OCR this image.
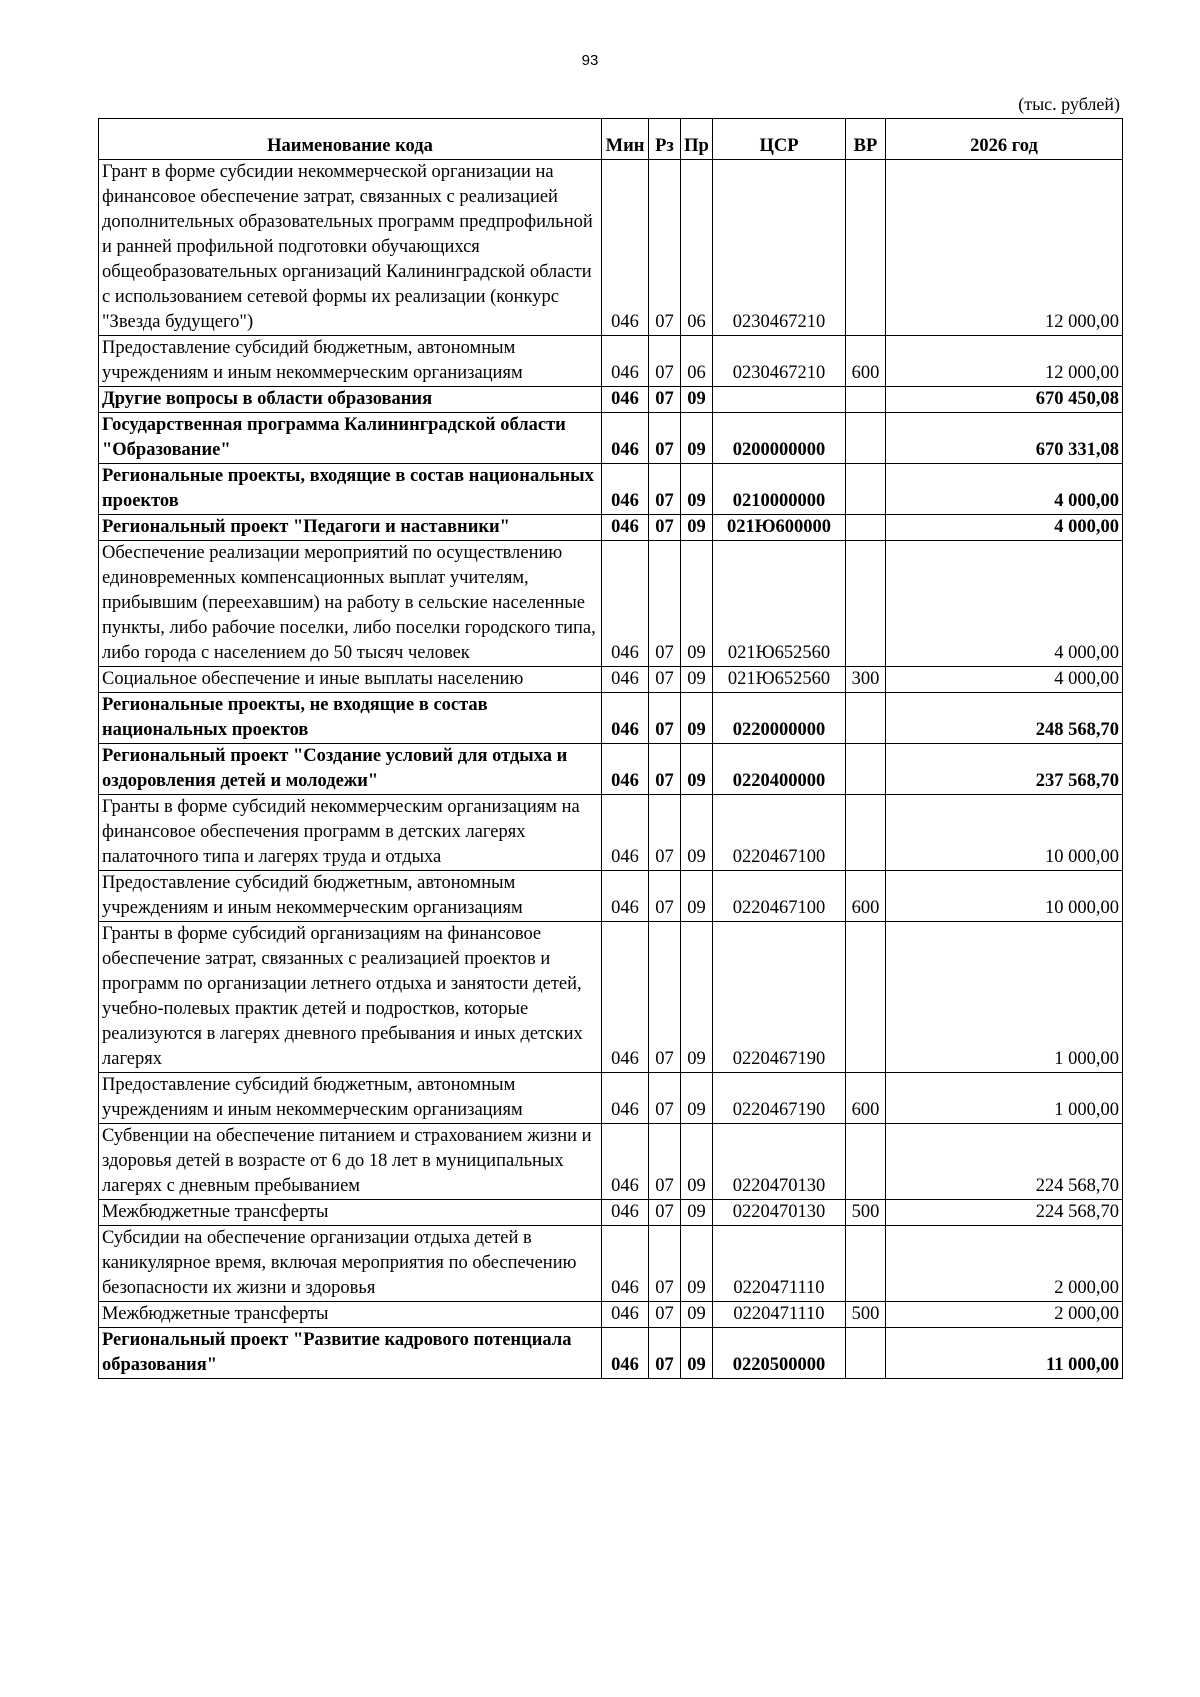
93
(тыс. рублей)
Наименование кода	Мин	Рз	Пр	ЦСР	ВР	2026 год
Грант в форме субсидии некоммерческой организации на финансовое обеспечение затрат, связанных с реализацией дополнительных образовательных программ предпрофильной и ранней профильной подготовки обучающихся общеобразовательных организаций Калининградской области с использованием сетевой формы их реализации (конкурс "Звезда будущего")	046	07	06	0230467210		12 000,00
Предоставление субсидий бюджетным, автономным учреждениям и иным некоммерческим организациям	046	07	06	0230467210	600	12 000,00
Другие вопросы в области образования	046	07	09			670 450,08
Государственная программа Калининградской области "Образование"	046	07	09	0200000000		670 331,08
Региональные проекты, входящие в состав национальных проектов	046	07	09	0210000000		4 000,00
Региональный проект "Педагоги и наставники"	046	07	09	021Ю600000		4 000,00
Обеспечение реализации мероприятий по осуществлению единовременных компенсационных выплат учителям, прибывшим (переехавшим) на работу в сельские населенные пункты, либо рабочие поселки, либо поселки городского типа, либо города с населением до 50 тысяч человек	046	07	09	021Ю652560		4 000,00
Социальное обеспечение и иные выплаты населению	046	07	09	021Ю652560	300	4 000,00
Региональные проекты, не входящие в состав национальных проектов	046	07	09	0220000000		248 568,70
Региональный проект "Создание условий для отдыха и оздоровления детей и молодежи"	046	07	09	0220400000		237 568,70
Гранты в форме субсидий некоммерческим организациям на финансовое обеспечения программ в детских лагерях палаточного типа и лагерях труда и отдыха	046	07	09	0220467100		10 000,00
Предоставление субсидий бюджетным, автономным учреждениям и иным некоммерческим организациям	046	07	09	0220467100	600	10 000,00
Гранты в форме субсидий организациям на финансовое обеспечение затрат, связанных с реализацией проектов и программ по организации летнего отдыха и занятости детей, учебно-полевых практик детей и подростков, которые реализуются в лагерях дневного пребывания и иных детских лагерях	046	07	09	0220467190		1 000,00
Предоставление субсидий бюджетным, автономным учреждениям и иным некоммерческим организациям	046	07	09	0220467190	600	1 000,00
Субвенции на обеспечение питанием и страхованием жизни и здоровья детей в возрасте от 6 до 18 лет в муниципальных лагерях с дневным пребыванием	046	07	09	0220470130		224 568,70
Межбюджетные трансферты	046	07	09	0220470130	500	224 568,70
Субсидии на обеспечение организации отдыха детей в каникулярное время, включая мероприятия по обеспечению безопасности их жизни и здоровья	046	07	09	0220471110		2 000,00
Межбюджетные трансферты	046	07	09	0220471110	500	2 000,00
Региональный проект "Развитие кадрового потенциала образования"	046	07	09	0220500000		11 000,00
